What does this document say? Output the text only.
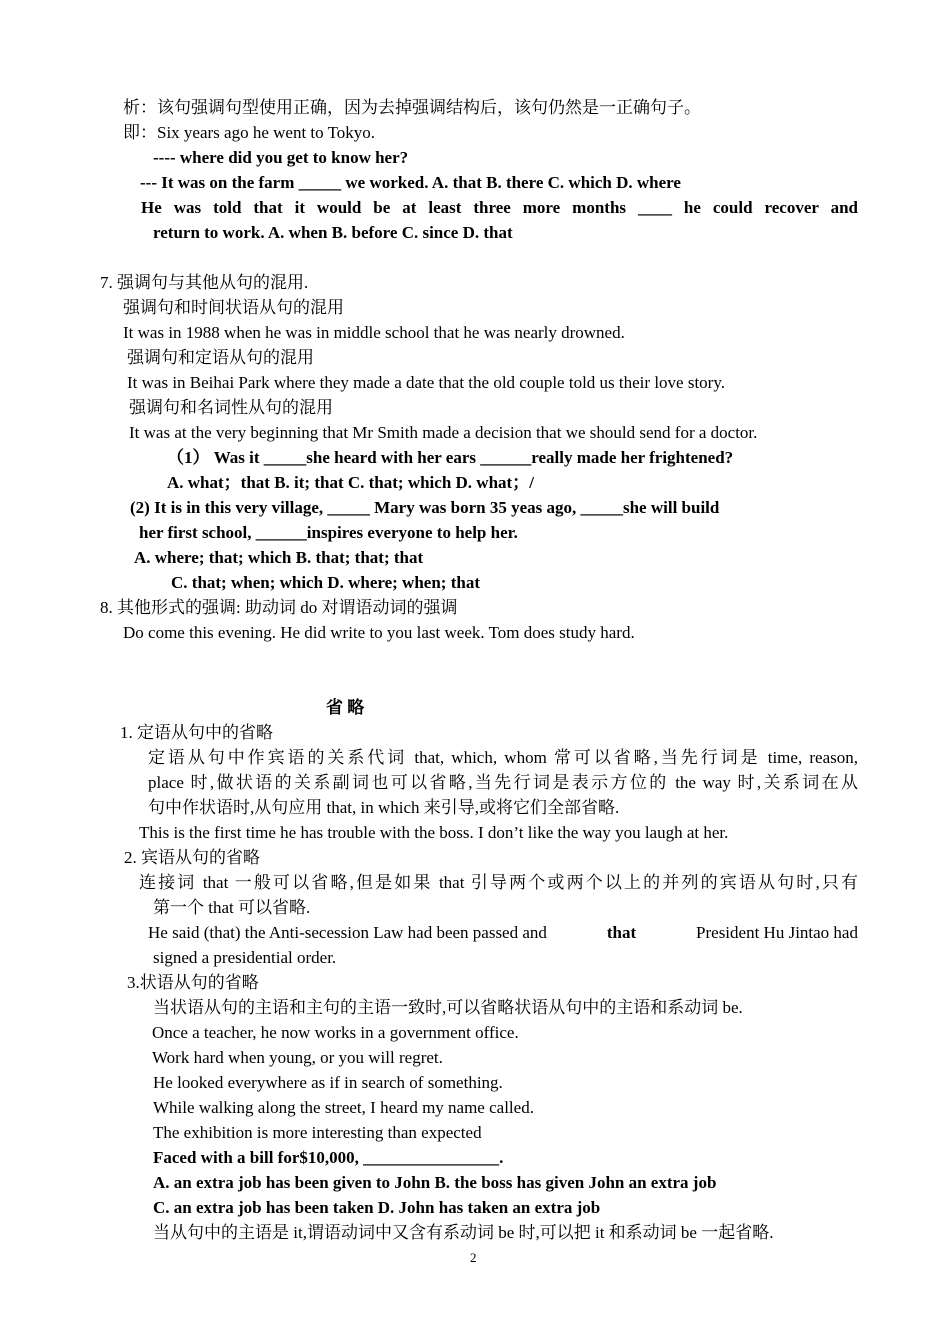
析：该句强调句型使用正确，因为去掉强调结构后，该句仍然是一正确句子。
即：Six years ago he went to Tokyo.
---- where did you get to know her?
--- It was on the farm _____ we worked. A. that B. there C. which D. where
He was told that it would be at least three more months ____ he could recover and
return to work. A. when B. before C. since D. that
7. 强调句与其他从句的混用.
强调句和时间状语从句的混用
It was in 1988 when he was in middle school that he was nearly drowned.
强调句和定语从句的混用
It was in Beihai Park where they made a date that the old couple told us their love story.
强调句和名词性从句的混用
It was at the very beginning that Mr Smith made a decision that we should send for a doctor.
（1） Was it _____she heard with her ears ______really made her frightened?
A. what；that B. it; that C. that; which D. what；/
(2) It is in this very village, _____ Mary was born 35 yeas ago, _____she will build
her first school, ______inspires everyone to help her.
A. where; that; which B. that; that; that
C. that; when; which D. where; when; that
8. 其他形式的强调: 助动词 do 对谓语动词的强调
Do come this evening. He did write to you last week. Tom does study hard.
省 略
1. 定语从句中的省略
定语从句中作宾语的关系代词 that, which, whom 常可以省略,当先行词是 time, reason,
place 时,做状语的关系副词也可以省略,当先行词是表示方位的 the way 时,关系词在从
句中作状语时,从句应用 that, in which 来引导,或将它们全部省略.
This is the first time he has trouble with the boss. I don’t like the way you laugh at her.
2. 宾语从句的省略
连接词 that 一般可以省略,但是如果 that 引导两个或两个以上的并列的宾语从句时,只有
第一个 that 可以省略.
He said (that) the Anti-secession Law had been passed and	that	President Hu Jintao had
signed a presidential order.
3.状语从句的省略
当状语从句的主语和主句的主语一致时,可以省略状语从句中的主语和系动词 be.
Once a teacher, he now works in a government office.
Work hard when young, or you will regret.
He looked everywhere as if in search of something.
While walking along the street, I heard my name called.
The exhibition is more interesting than expected
Faced with a bill for$10,000, ________________.
A. an extra job has been given to John B. the boss has given John an extra job
C. an extra job has been taken D. John has taken an extra job
当从句中的主语是 it,谓语动词中又含有系动词 be 时,可以把 it 和系动词 be 一起省略.
2
